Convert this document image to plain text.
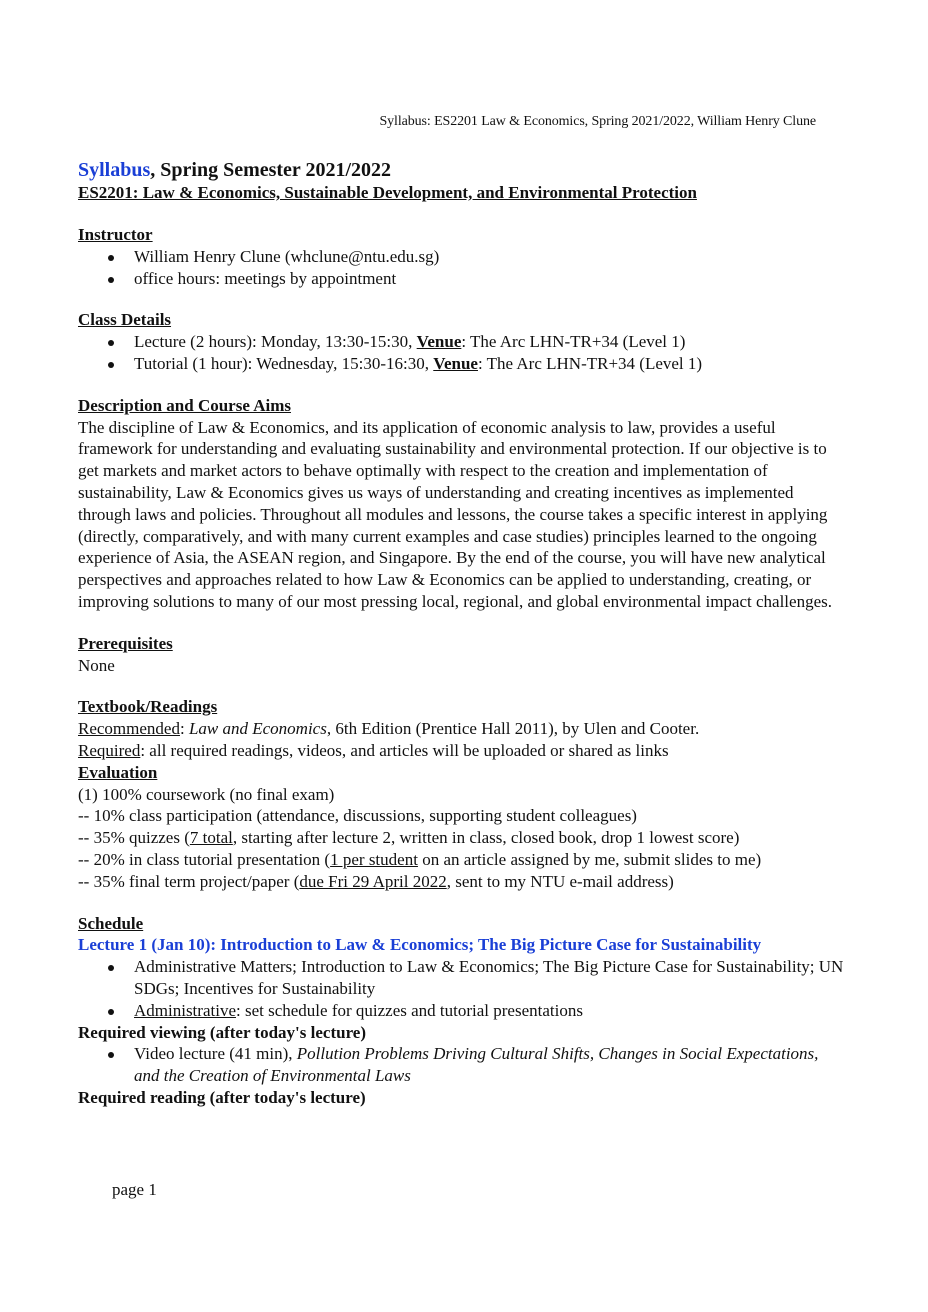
Syllabus: ES2201 Law & Economics, Spring 2021/2022, William Henry Clune
Syllabus, Spring Semester 2021/2022
ES2201: Law & Economics, Sustainable Development, and Environmental Protection
Instructor
William Henry Clune (whclune@ntu.edu.sg)
office hours: meetings by appointment
Class Details
Lecture (2 hours): Monday, 13:30-15:30, Venue: The Arc LHN-TR+34 (Level 1)
Tutorial (1 hour): Wednesday, 15:30-16:30, Venue: The Arc LHN-TR+34 (Level 1)
Description and Course Aims
The discipline of Law & Economics, and its application of economic analysis to law, provides a useful framework for understanding and evaluating sustainability and environmental protection. If our objective is to get markets and market actors to behave optimally with respect to the creation and implementation of sustainability, Law & Economics gives us ways of understanding and creating incentives as implemented through laws and policies. Throughout all modules and lessons, the course takes a specific interest in applying (directly, comparatively, and with many current examples and case studies) principles learned to the ongoing experience of Asia, the ASEAN region, and Singapore. By the end of the course, you will have new analytical perspectives and approaches related to how Law & Economics can be applied to understanding, creating, or improving solutions to many of our most pressing local, regional, and global environmental impact challenges.
Prerequisites
None
Textbook/Readings
Recommended: Law and Economics, 6th Edition (Prentice Hall 2011), by Ulen and Cooter.
Required: all required readings, videos, and articles will be uploaded or shared as links
Evaluation
(1) 100% coursework (no final exam)
-- 10% class participation (attendance, discussions, supporting student colleagues)
-- 35% quizzes (7 total, starting after lecture 2, written in class, closed book, drop 1 lowest score)
-- 20% in class tutorial presentation (1 per student on an article assigned by me, submit slides to me)
-- 35% final term project/paper (due Fri 29 April 2022, sent to my NTU e-mail address)
Schedule
Lecture 1 (Jan 10): Introduction to Law & Economics; The Big Picture Case for Sustainability
Administrative Matters; Introduction to Law & Economics; The Big Picture Case for Sustainability; UN SDGs; Incentives for Sustainability
Administrative: set schedule for quizzes and tutorial presentations
Required viewing (after today's lecture)
Video lecture (41 min), Pollution Problems Driving Cultural Shifts, Changes in Social Expectations, and the Creation of Environmental Laws
Required reading (after today's lecture)
page 1
